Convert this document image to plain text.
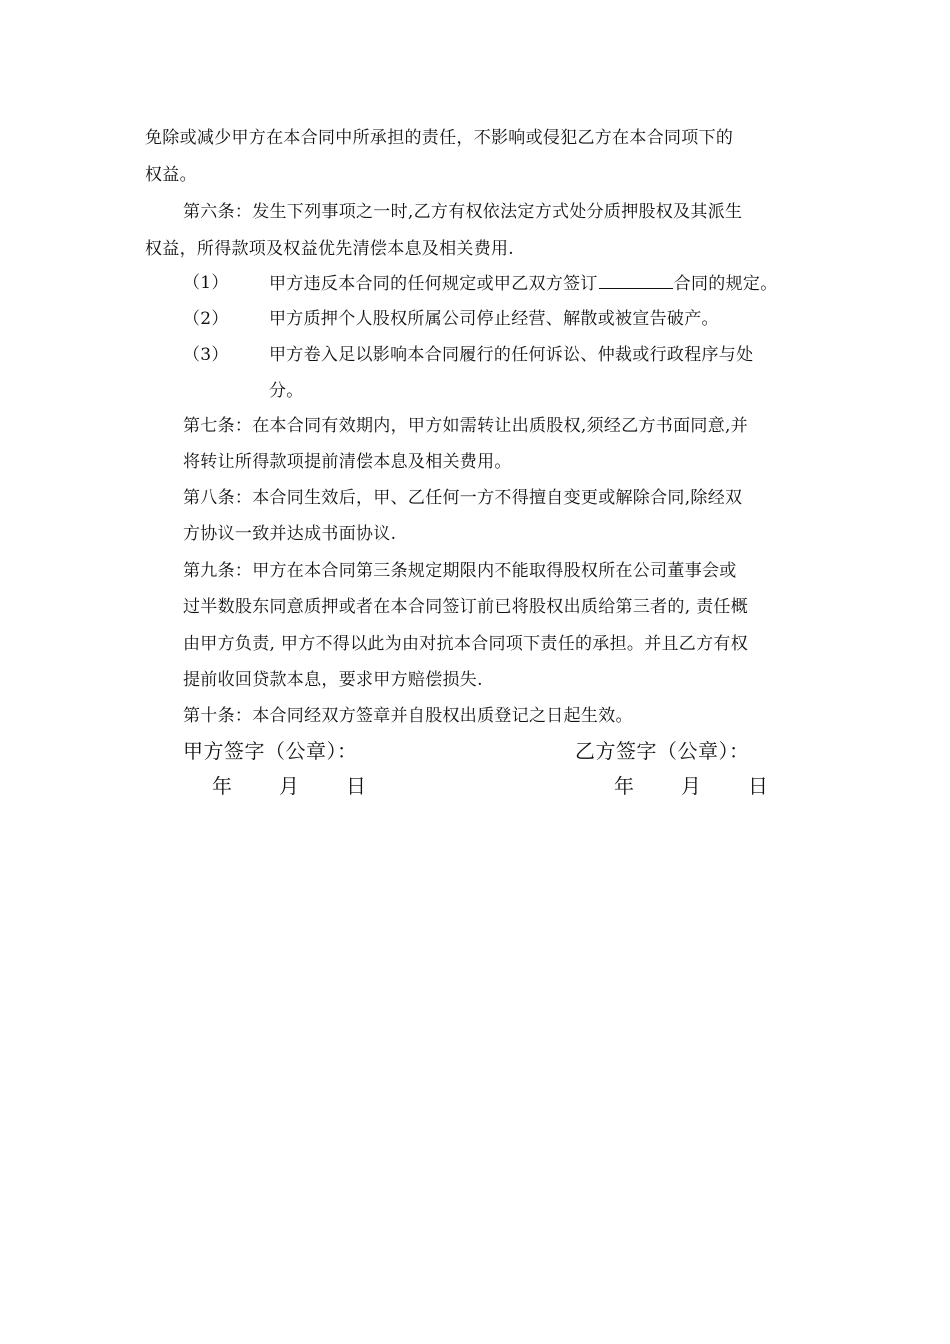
免除或减少甲方在本合同中所承担的责任，不影响或侵犯乙方在本合同项下的
权益。
第六条：发生下列事项之一时,乙方有权依法定方式处分质押股权及其派生
权益，所得款项及权益优先清偿本息及相关费用.
（1） 甲方违反本合同的任何规定或甲乙双方签订	合同的规定。
（2） 甲方质押个人股权所属公司停止经营、解散或被宣告破产。
（3） 甲方卷入足以影响本合同履行的任何诉讼、仲裁或行政程序与处
分。
第七条：在本合同有效期内，甲方如需转让出质股权,须经乙方书面同意,并
将转让所得款项提前清偿本息及相关费用。
第八条：本合同生效后，甲、乙任何一方不得擅自变更或解除合同,除经双
方协议一致并达成书面协议.
第九条：甲方在本合同第三条规定期限内不能取得股权所在公司董事会或
过半数股东同意质押或者在本合同签订前已将股权出质给第三者的, 责任概
由甲方负责, 甲方不得以此为由对抗本合同项下责任的承担。并且乙方有权
提前收回贷款本息，要求甲方赔偿损失.
第十条：本合同经双方签章并自股权出质登记之日起生效。
甲方签字（公章）：	乙方签字（公章）：
年 月 日	年 月 日
